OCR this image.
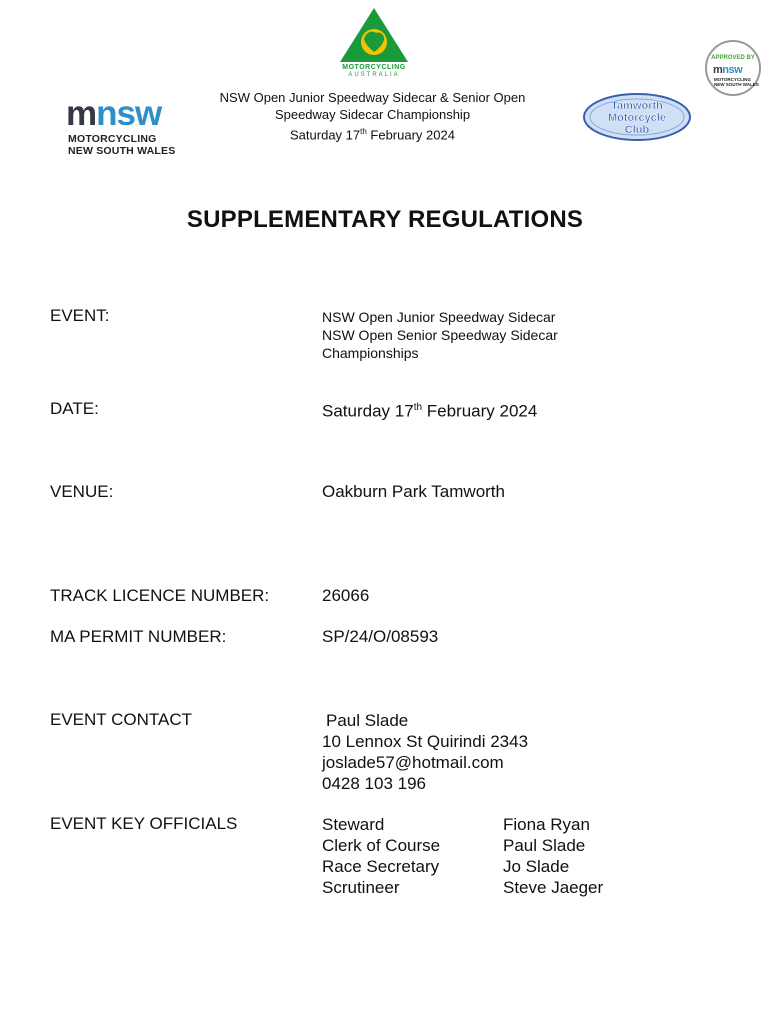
MOTORCYCLING
AUSTRALIA
mnsw
MOTORCYCLING
NEW SOUTH WALES
NSW Open Junior Speedway Sidecar & Senior Open
Speedway Sidecar Championship
Saturday 17th February 2024
Tamworth
Motorcycle
Club
APPROVED BY
mnsw
MOTORCYCLING
NEW SOUTH WALES
SUPPLEMENTARY REGULATIONS
EVENT:	NSW Open Junior Speedway Sidecar
NSW Open Senior Speedway Sidecar
Championships
DATE:	Saturday 17th February 2024
VENUE:	Oakburn Park Tamworth
TRACK LICENCE NUMBER:	26066
MA PERMIT NUMBER:	SP/24/O/08593
EVENT CONTACT	Paul Slade
10 Lennox St Quirindi 2343
joslade57@hotmail.com
0428 103 196
EVENT KEY OFFICIALS	Steward	Fiona Ryan
Clerk of Course	Paul Slade
Race Secretary	Jo Slade
Scrutineer	Steve Jaeger
